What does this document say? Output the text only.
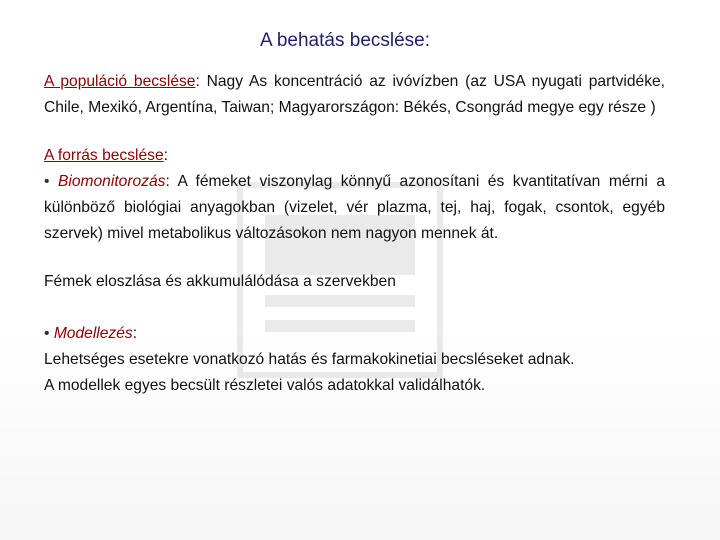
A behatás becslése:

A populáció becslése: Nagy As koncentráció az ivóvízben (az USA nyugati partvidéke, Chile, Mexikó, Argentína, Taiwan; Magyarországon: Békés, Csongrád megye egy része )

A forrás becslése:

• Biomonitorozás: A fémeket viszonylag könnyű azonosítani és kvantitatívan mérni a különböző biológiai anyagokban (vizelet, vér plazma, tej, haj, fogak, csontok, egyéb szervek) mivel metabolikus változásokon nem nagyon mennek át.

Fémek eloszlása és akkumulálódása a szervekben

• Modellezés:

Lehetséges esetekre vonatkozó hatás és farmakokinetiai becsléseket adnak.

A modellek egyes becsült részletei valós adatokkal validálhatók.
